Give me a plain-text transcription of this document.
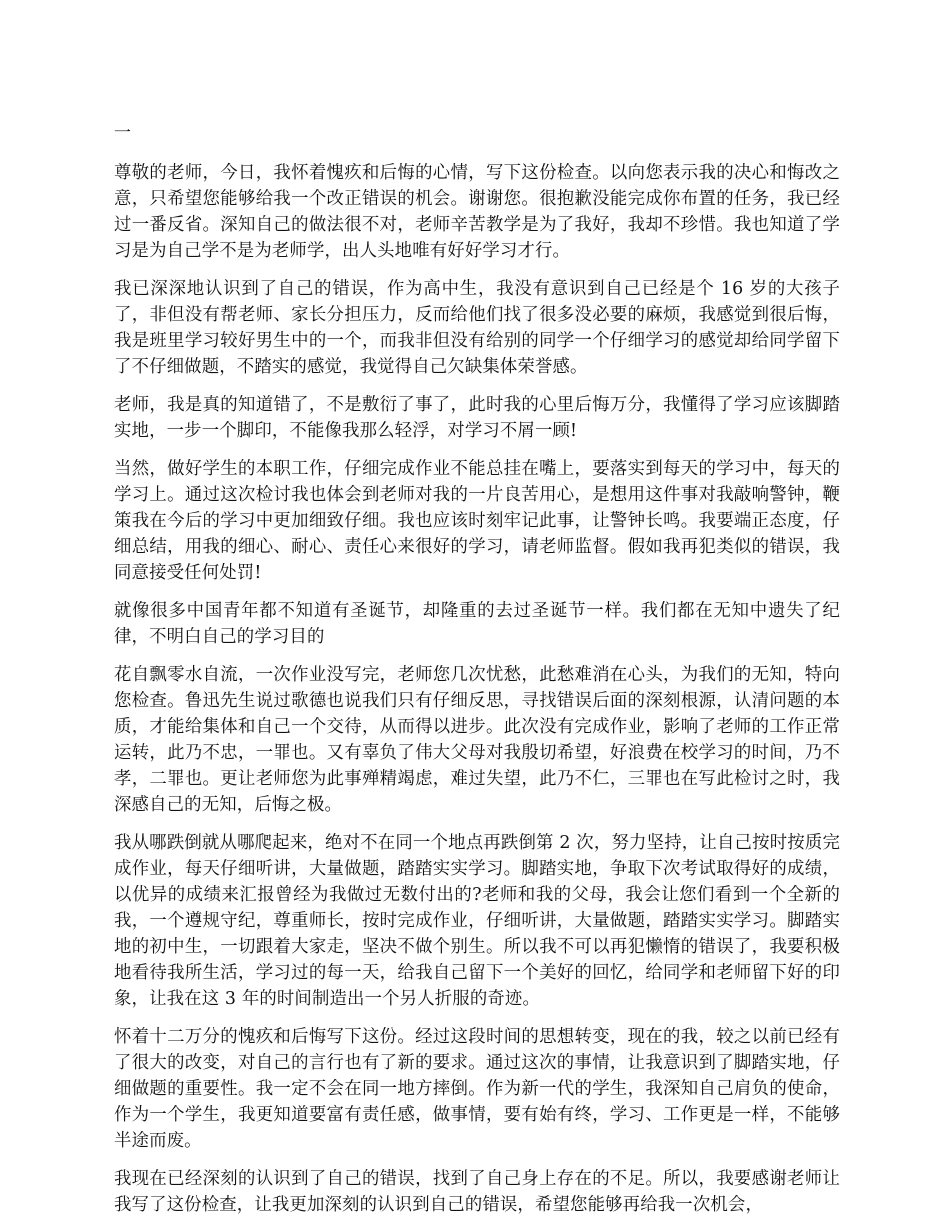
一

尊敬的老师，今日，我怀着愧疚和后悔的心情，写下这份检查。以向您表示我的决心和悔改之意，只希望您能够给我一个改正错误的机会。谢谢您。很抱歉没能完成你布置的任务，我已经过一番反省。深知自己的做法很不对，老师辛苦教学是为了我好，我却不珍惜。我也知道了学习是为自己学不是为老师学，出人头地唯有好好学习才行。

我已深深地认识到了自己的错误，作为高中生，我没有意识到自己已经是个 16 岁的大孩子了，非但没有帮老师、家长分担压力，反而给他们找了很多没必要的麻烦，我感觉到很后悔，我是班里学习较好男生中的一个，而我非但没有给别的同学一个仔细学习的感觉却给同学留下了不仔细做题，不踏实的感觉，我觉得自己欠缺集体荣誉感。

老师，我是真的知道错了，不是敷衍了事了，此时我的心里后悔万分，我懂得了学习应该脚踏实地，一步一个脚印，不能像我那么轻浮，对学习不屑一顾!

当然，做好学生的本职工作，仔细完成作业不能总挂在嘴上，要落实到每天的学习中，每天的学习上。通过这次检讨我也体会到老师对我的一片良苦用心，是想用这件事对我敲响警钟，鞭策我在今后的学习中更加细致仔细。我也应该时刻牢记此事，让警钟长鸣。我要端正态度，仔细总结，用我的细心、耐心、责任心来很好的学习，请老师监督。假如我再犯类似的错误，我同意接受任何处罚!

就像很多中国青年都不知道有圣诞节，却隆重的去过圣诞节一样。我们都在无知中遗失了纪律，不明白自己的学习目的

花自飘零水自流，一次作业没写完，老师您几次忧愁，此愁难消在心头，为我们的无知，特向您检查。鲁迅先生说过歌德也说我们只有仔细反思，寻找错误后面的深刻根源，认清问题的本质，才能给集体和自己一个交待，从而得以进步。此次没有完成作业，影响了老师的工作正常运转，此乃不忠，一罪也。又有辜负了伟大父母对我殷切希望，好浪费在校学习的时间，乃不孝，二罪也。更让老师您为此事殚精竭虑，难过失望，此乃不仁，三罪也在写此检讨之时，我深感自己的无知，后悔之极。

我从哪跌倒就从哪爬起来，绝对不在同一个地点再跌倒第 2 次，努力坚持，让自己按时按质完成作业，每天仔细听讲，大量做题，踏踏实实学习。脚踏实地，争取下次考试取得好的成绩，以优异的成绩来汇报曾经为我做过无数付出的?老师和我的父母，我会让您们看到一个全新的我，一个遵规守纪，尊重师长，按时完成作业，仔细听讲，大量做题，踏踏实实学习。脚踏实地的初中生，一切跟着大家走，坚决不做个别生。所以我不可以再犯懒惰的错误了，我要积极地看待我所生活，学习过的每一天，给我自己留下一个美好的回忆，给同学和老师留下好的印象，让我在这 3 年的时间制造出一个另人折服的奇迹。

怀着十二万分的愧疚和后悔写下这份。经过这段时间的思想转变，现在的我，较之以前已经有了很大的改变，对自己的言行也有了新的要求。通过这次的事情，让我意识到了脚踏实地，仔细做题的重要性。我一定不会在同一地方摔倒。作为新一代的学生，我深知自己肩负的使命，作为一个学生，我更知道要富有责任感，做事情，要有始有终，学习、工作更是一样，不能够半途而废。

我现在已经深刻的认识到了自己的错误，找到了自己身上存在的不足。所以，我要感谢老师让我写了这份检查，让我更加深刻的认识到自己的错误，希望您能够再给我一次机会，
